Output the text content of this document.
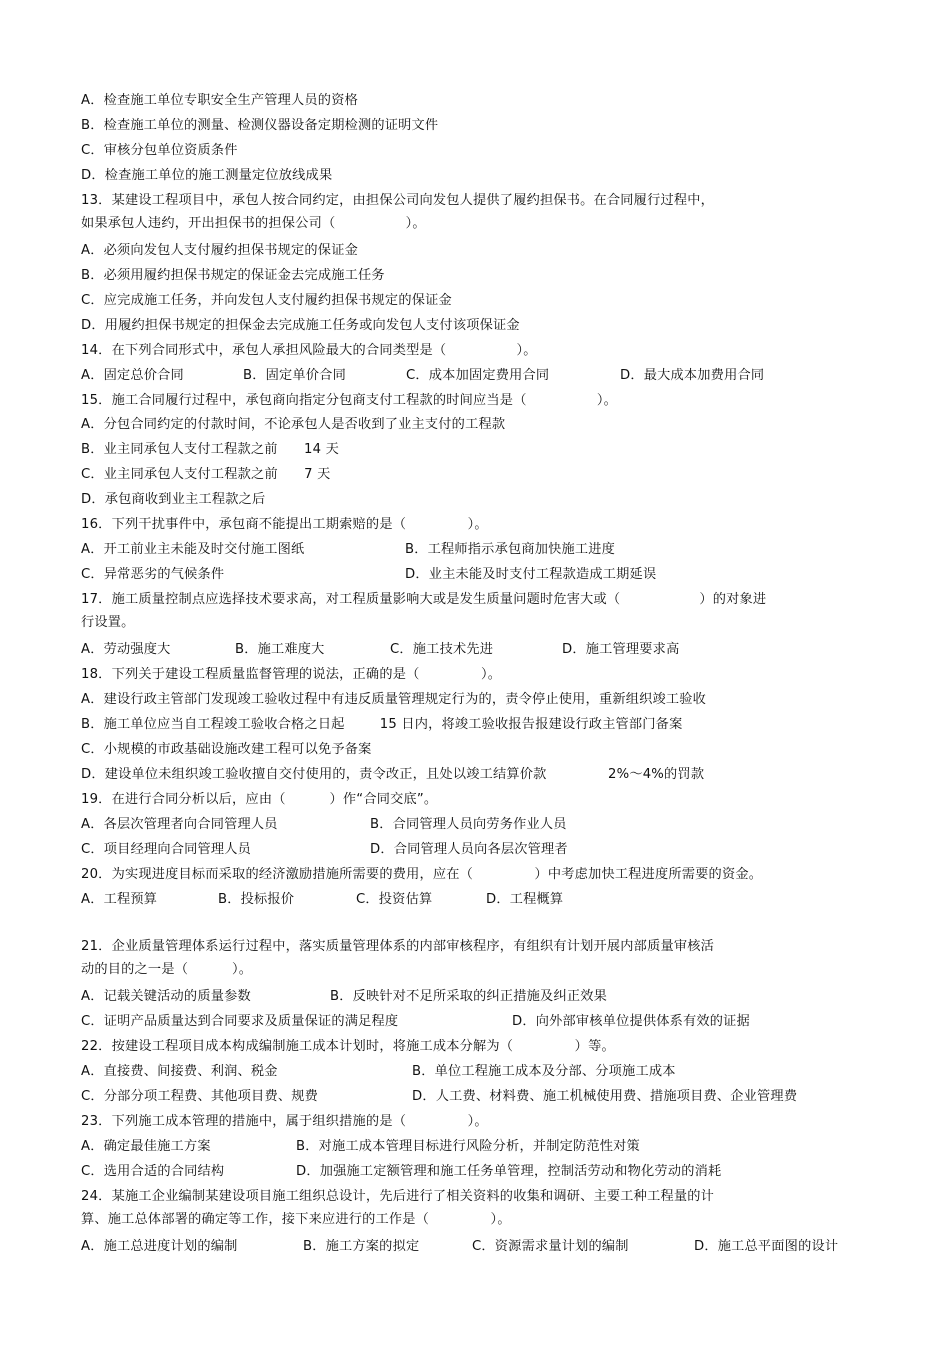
A．检查施工单位专职安全生产管理人员的资格
B．检查施工单位的测量、检测仪器设备定期检测的证明文件
C．审核分包单位资质条件
D．检查施工单位的施工测量定位放线成果
13．某建设工程项目中，承包人按合同约定，由担保公司向发包人提供了履约担保书。在合同履行过程中，
如果承包人违约，开出担保书的担保公司（                ）。
A．必须向发包人支付履约担保书规定的保证金
B．必须用履约担保书规定的保证金去完成施工任务
C．应完成施工任务，并向发包人支付履约担保书规定的保证金
D．用履约担保书规定的担保金去完成施工任务或向发包人支付该项保证金
14．在下列合同形式中，承包人承担风险最大的合同类型是（                ）。
A．固定总价合同	B．固定单价合同	C．成本加固定费用合同	D．最大成本加费用合同
15．施工合同履行过程中，承包商向指定分包商支付工程款的时间应当是（                ）。
A．分包合同约定的付款时间，不论承包人是否收到了业主支付的工程款
B．业主同承包人支付工程款之前      14 天
C．业主同承包人支付工程款之前      7 天
D．承包商收到业主工程款之后
16．下列干扰事件中，承包商不能提出工期索赔的是（              ）。
A．开工前业主未能及时交付施工图纸	B．工程师指示承包商加快施工进度
C．异常恶劣的气候条件	D．业主未能及时支付工程款造成工期延误
17．施工质量控制点应选择技术要求高，对工程质量影响大或是发生质量问题时危害大或（                  ）的对象进
行设置。
A．劳动强度大	B．施工难度大	C．施工技术先进	D．施工管理要求高
18．下列关于建设工程质量监督管理的说法，正确的是（              ）。
A．建设行政主管部门发现竣工验收过程中有违反质量管理规定行为的，责令停止使用，重新组织竣工验收
B．施工单位应当自工程竣工验收合格之日起        15 日内，将竣工验收报告报建设行政主管部门备案
C．小规模的市政基础设施改建工程可以免予备案
D．建设单位未组织竣工验收擅自交付使用的，责令改正，且处以竣工结算价款              2%～4%的罚款
19．在进行合同分析以后，应由（          ）作“合同交底”。
A．各层次管理者向合同管理人员	B．合同管理人员向劳务作业人员
C．项目经理向合同管理人员	D．合同管理人员向各层次管理者
20．为实现进度目标而采取的经济激励措施所需要的费用，应在（              ）中考虑加快工程进度所需要的资金。
A．工程预算	B．投标报价	C．投资估算	D．工程概算
21．企业质量管理体系运行过程中，落实质量管理体系的内部审核程序，有组织有计划开展内部质量审核活
动的目的之一是（          ）。
A．记载关键活动的质量参数	B．反映针对不足所采取的纠正措施及纠正效果
C．证明产品质量达到合同要求及质量保证的满足程度	D．向外部审核单位提供体系有效的证据
22．按建设工程项目成本构成编制施工成本计划时，将施工成本分解为（              ）等。
A．直接费、间接费、利润、税金	B．单位工程施工成本及分部、分项施工成本
C．分部分项工程费、其他项目费、规费	D．人工费、材料费、施工机械使用费、措施项目费、企业管理费
23．下列施工成本管理的措施中，属于组织措施的是（              ）。
A．确定最佳施工方案	B．对施工成本管理目标进行风险分析，并制定防范性对策
C．选用合适的合同结构	D．加强施工定额管理和施工任务单管理，控制活劳动和物化劳动的消耗
24．某施工企业编制某建设项目施工组织总设计，先后进行了相关资料的收集和调研、主要工种工程量的计
算、施工总体部署的确定等工作，接下来应进行的工作是（              ）。
A．施工总进度计划的编制	B．施工方案的拟定	C．资源需求量计划的编制	D．施工总平面图的设计
